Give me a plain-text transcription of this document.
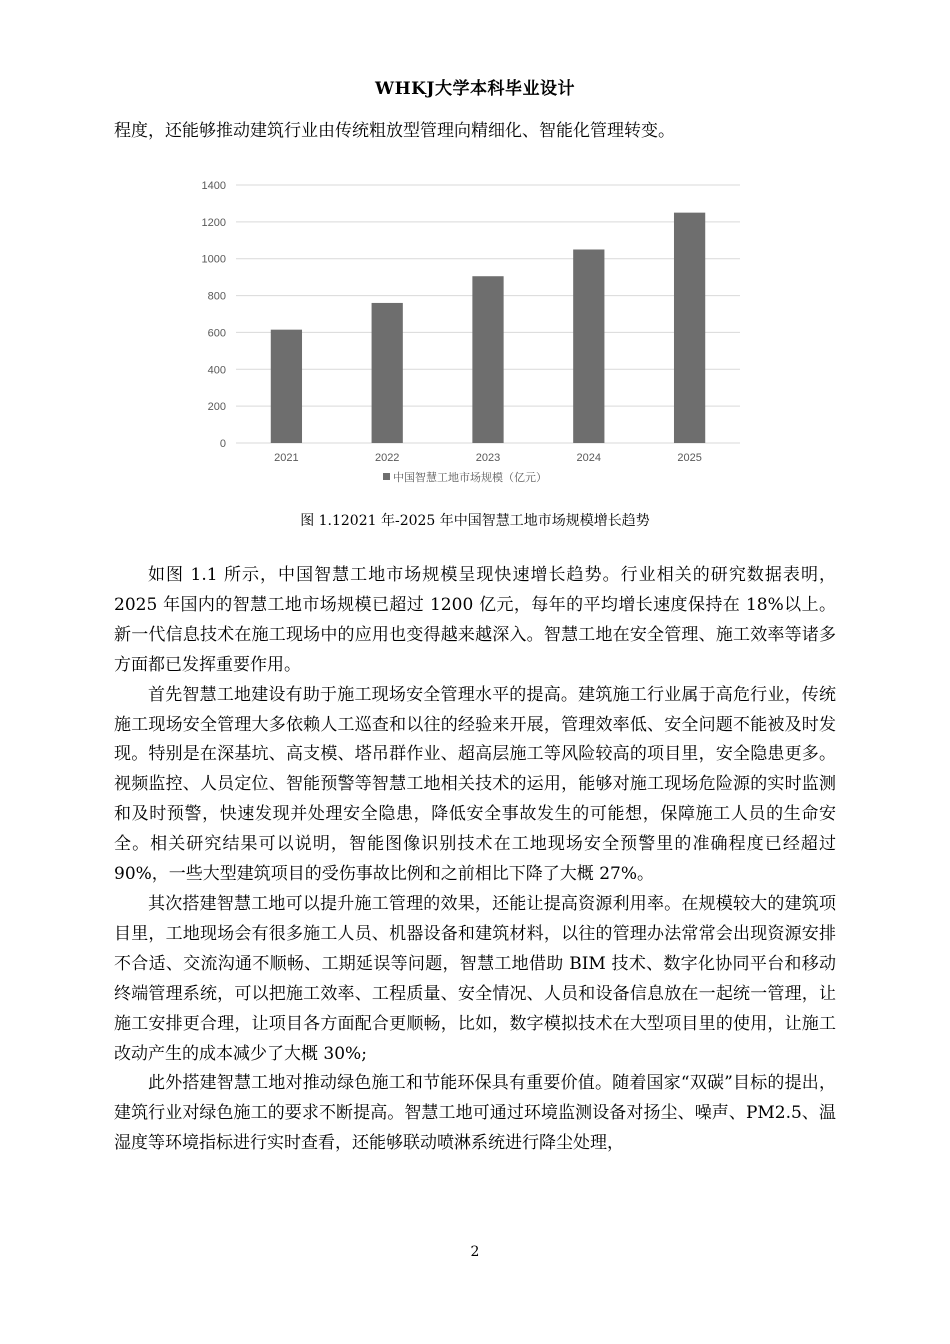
WHKJ大学本科毕业设计
程度，还能够推动建筑行业由传统粗放型管理向精细化、智能化管理转变。
0
200
400
600
800
1000
1200
1400
2021	2022	2023	2024	2025
中国智慧工地市场规模（亿元）
图 1.12021 年-2025 年中国智慧工地市场规模增长趋势

如图 1.1 所示，中国智慧工地市场规模呈现快速增长趋势。行业相关的研究数据表明，2025 年国内的智慧工地市场规模已超过 1200 亿元，每年的平均增长速度保持在 18%以上。新一代信息技术在施工现场中的应用也变得越来越深入。智慧工地在安全管理、施工效率等诸多方面都已发挥重要作用。

首先智慧工地建设有助于施工现场安全管理水平的提高。建筑施工行业属于高危行业，传统施工现场安全管理大多依赖人工巡查和以往的经验来开展，管理效率低、安全问题不能被及时发现。特别是在深基坑、高支模、塔吊群作业、超高层施工等风险较高的项目里，安全隐患更多。视频监控、人员定位、智能预警等智慧工地相关技术的运用，能够对施工现场危险源的实时监测和及时预警，快速发现并处理安全隐患，降低安全事故发生的可能想，保障施工人员的生命安全。相关研究结果可以说明，智能图像识别技术在工地现场安全预警里的准确程度已经超过 90%，一些大型建筑项目的受伤事故比例和之前相比下降了大概 27%。

其次搭建智慧工地可以提升施工管理的效果，还能让提高资源利用率。在规模较大的建筑项目里，工地现场会有很多施工人员、机器设备和建筑材料，以往的管理办法常常会出现资源安排不合适、交流沟通不顺畅、工期延误等问题，智慧工地借助 BIM 技术、数字化协同平台和移动终端管理系统，可以把施工效率、工程质量、安全情况、人员和设备信息放在一起统一管理，让施工安排更合理，让项目各方面配合更顺畅，比如，数字模拟技术在大型项目里的使用，让施工改动产生的成本减少了大概 30%;

此外搭建智慧工地对推动绿色施工和节能环保具有重要价值。随着国家“双碳”目标的提出，建筑行业对绿色施工的要求不断提高。智慧工地可通过环境监测设备对扬尘、噪声、PM2.5、温湿度等环境指标进行实时查看，还能够联动喷淋系统进行降尘处理，

2
